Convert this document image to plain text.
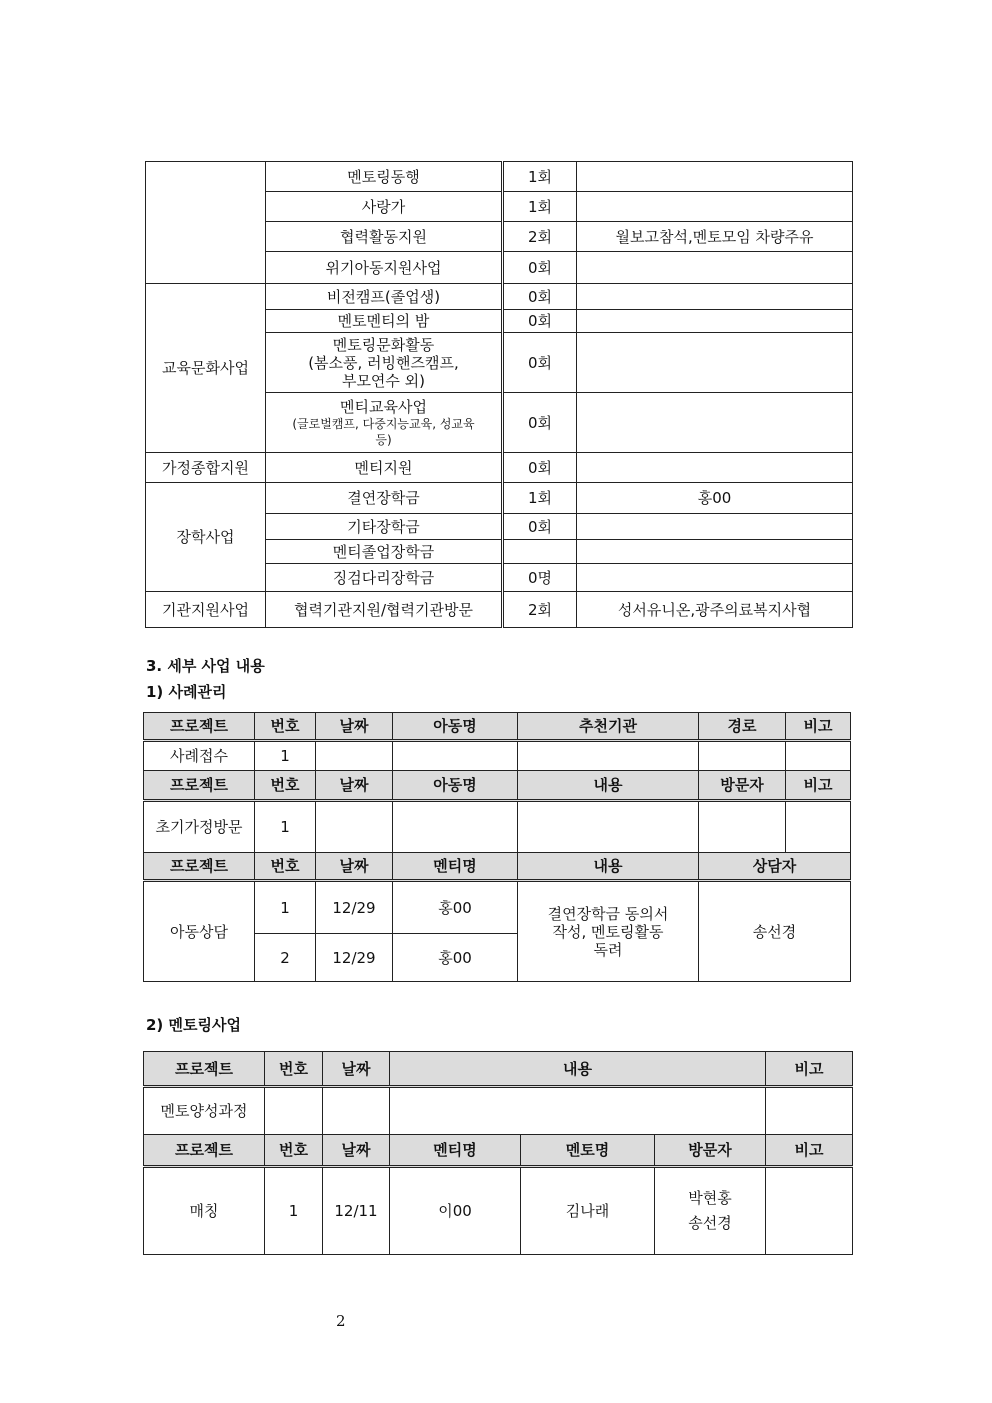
	멘토링동행	1회	
	사랑가	1회	
	협력활동지원	2회	월보고참석,멘토모임 차량주유
	위기아동지원사업	0회	
교육문화사업	비전캠프(졸업생)	0회	
	멘토멘티의 밤	0회	

	멘토링문화활동
(봄소풍, 러빙핸즈캠프,
부모연수 외)	0회	

	멘티교육사업
(글로벌캠프, 다중지능교육, 성교육
등)	0회	
가정종합지원	멘티지원	0회	
장학사업	결연장학금	1회	홍00
	기타장학금	0회	
	멘티졸업장학금		
	징검다리장학금	0명	
기관지원사업	협력기관지원/협력기관방문	2회	성서유니온,광주의료복지사협
3. 세부 사업 내용
1) 사례관리
프로젝트	번호	날짜	아동명	추천기관	경로	비고
사례접수	1					
프로젝트	번호	날짜	아동명	내용	방문자	비고
초기가정방문	1					
프로젝트	번호	날짜	멘티명	내용	상담자	
아동상담	1	12/29	홍00	결연장학금 동의서
작성, 멘토링활동
독려	송선경	
	2	12/29	홍00			
2) 멘토링사업
프로젝트	번호	날짜	내용			비고
멘토양성과정						
프로젝트	번호	날짜	멘티명	멘토명	방문자	비고
매칭	1	12/11	이00	김나래	박현홍
송선경	

2
